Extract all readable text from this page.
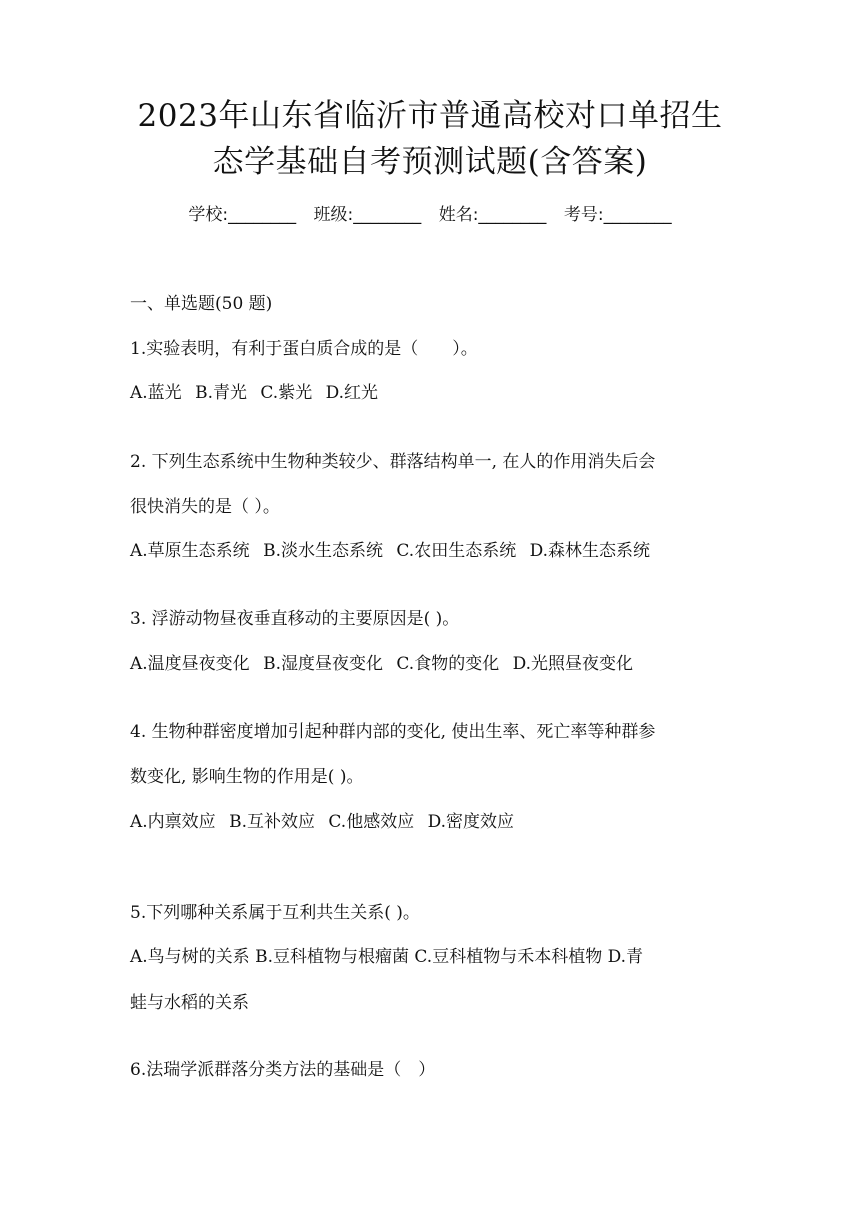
2023年山东省临沂市普通高校对口单招生
态学基础自考预测试题(含答案)
学校:________ 班级:________ 姓名:________ 考号:________
一、单选题(50 题)
1.实验表明，有利于蛋白质合成的是（　　）。
A.蓝光 B.青光 C.紫光 D.红光
2. 下列生态系统中生物种类较少、群落结构单一, 在人的作用消失后会
很快消失的是（ ）。
A.草原生态系统 B.淡水生态系统 C.农田生态系统 D.森林生态系统
3. 浮游动物昼夜垂直移动的主要原因是( )。
A.温度昼夜变化 B.湿度昼夜变化 C.食物的变化 D.光照昼夜变化
4. 生物种群密度增加引起种群内部的变化, 使出生率、死亡率等种群参
数变化, 影响生物的作用是( )。
A.内禀效应 B.互补效应 C.他感效应 D.密度效应
5.下列哪种关系属于互利共生关系( )。
A.鸟与树的关系 B.豆科植物与根瘤菌 C.豆科植物与禾本科植物 D.青
蛙与水稻的关系
6.法瑞学派群落分类方法的基础是（　）
